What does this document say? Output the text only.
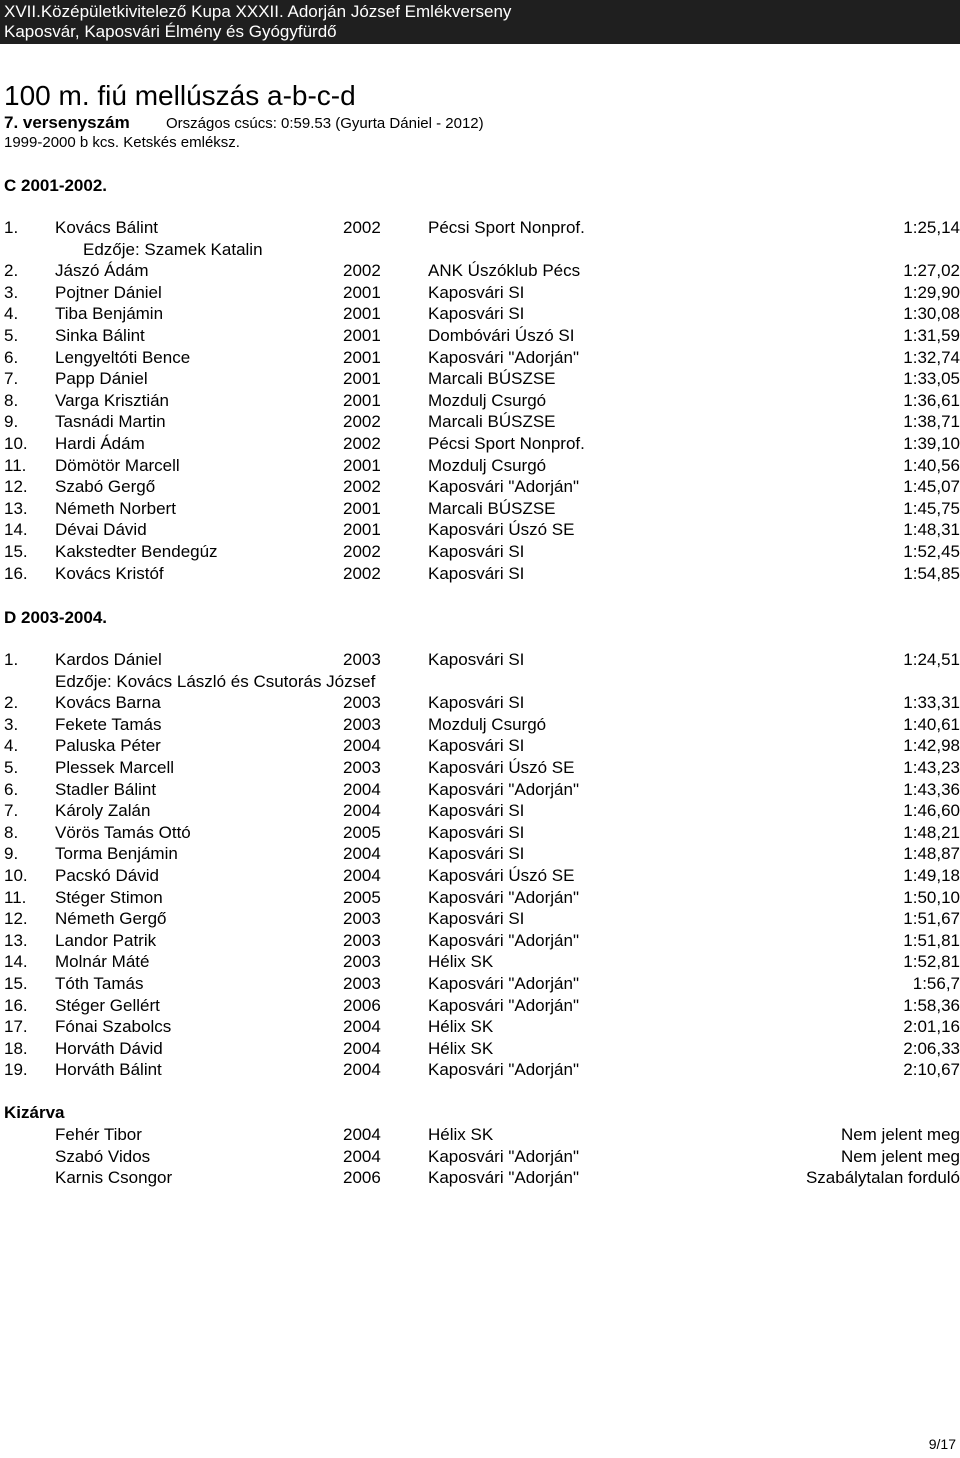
XVII.Középületkivitelező Kupa XXXII. Adorján József Emlékverseny
Kaposvár, Kaposvári Élmény és Gyógyfürdő
100 m. fiú mellúszás a-b-c-d
7. versenyszám Országos csúcs: 0:59.53 (Gyurta Dániel - 2012)
1999-2000 b kcs. Ketskés emléksz.
C 2001-2002.
1. Kovács Bálint	2002	Pécsi Sport Nonprof.	1:25,14
Edzője: Szamek Katalin
2. Jászó Ádám	2002	ANK Úszóklub Pécs	1:27,02
3. Pojtner Dániel	2001	Kaposvári SI	1:29,90
4. Tiba Benjámin	2001	Kaposvári SI	1:30,08
5. Sinka Bálint	2001	Dombóvári Úszó SI	1:31,59
6. Lengyeltóti Bence	2001	Kaposvári "Adorján"	1:32,74
7. Papp Dániel	2001	Marcali BÚSZSE	1:33,05
8. Varga Krisztián	2001	Mozdulj Csurgó	1:36,61
9. Tasnádi Martin	2002	Marcali BÚSZSE	1:38,71
10. Hardi Ádám	2002	Pécsi Sport Nonprof.	1:39,10
11. Dömötör Marcell	2001	Mozdulj Csurgó	1:40,56
12. Szabó Gergő	2002	Kaposvári "Adorján"	1:45,07
13. Németh Norbert	2001	Marcali BÚSZSE	1:45,75
14. Dévai Dávid	2001	Kaposvári Úszó SE	1:48,31
15. Kakstedter Bendegúz	2002	Kaposvári SI	1:52,45
16. Kovács Kristóf	2002	Kaposvári SI	1:54,85
D 2003-2004.
1. Kardos Dániel	2003	Kaposvári SI	1:24,51
Edzője: Kovács László és Csutorás József
2. Kovács Barna	2003	Kaposvári SI	1:33,31
3. Fekete Tamás	2003	Mozdulj Csurgó	1:40,61
4. Paluska Péter	2004	Kaposvári SI	1:42,98
5. Plessek Marcell	2003	Kaposvári Úszó SE	1:43,23
6. Stadler Bálint	2004	Kaposvári "Adorján"	1:43,36
7. Károly Zalán	2004	Kaposvári SI	1:46,60
8. Vörös Tamás Ottó	2005	Kaposvári SI	1:48,21
9. Torma Benjámin	2004	Kaposvári SI	1:48,87
10. Pacskó Dávid	2004	Kaposvári Úszó SE	1:49,18
11. Stéger Stimon	2005	Kaposvári "Adorján"	1:50,10
12. Németh Gergő	2003	Kaposvári SI	1:51,67
13. Landor Patrik	2003	Kaposvári "Adorján"	1:51,81
14. Molnár Máté	2003	Hélix SK	1:52,81
15. Tóth Tamás	2003	Kaposvári "Adorján"	1:56,7
16. Stéger Gellért	2006	Kaposvári "Adorján"	1:58,36
17. Fónai Szabolcs	2004	Hélix SK	2:01,16
18. Horváth Dávid	2004	Hélix SK	2:06,33
19. Horváth Bálint	2004	Kaposvári "Adorján"	2:10,67
Kizárva
Fehér Tibor	2004	Hélix SK	Nem jelent meg
Szabó Vidos	2004	Kaposvári "Adorján"	Nem jelent meg
Karnis Csongor	2006	Kaposvári "Adorján"	Szabálytalan forduló
9/17
